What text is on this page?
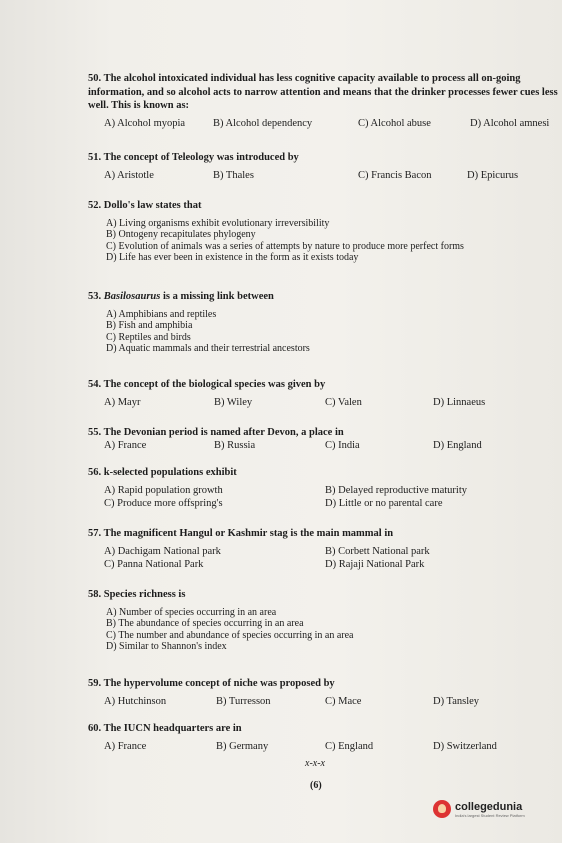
50. The alcohol intoxicated individual has less cognitive capacity available to process all on-going information, and so alcohol acts to narrow attention and means that the drinker processes fewer cues less well. This is known as:
A) Alcohol myopia	B) Alcohol dependency	C) Alcohol abuse	D) Alcohol amnesi
51. The concept of Teleology was introduced by
A) Aristotle	B) Thales	C) Francis Bacon	D) Epicurus
52. Dollo's law states that
A) Living organisms exhibit evolutionary irreversibility
B) Ontogeny recapitulates phylogeny
C) Evolution of animals was a series of attempts by nature to produce more perfect forms
D) Life has ever been in existence in the form as it exists today
53. Basilosaurus is a missing link between
A) Amphibians and reptiles
B) Fish and amphibia
C) Reptiles and birds
D) Aquatic mammals and their terrestrial ancestors
54. The concept of the biological species was given by
A) Mayr	B) Wiley	C) Valen	D) Linnaeus
55. The Devonian period is named after Devon, a place in
A) France	B) Russia	C) India	D) England
56. k-selected populations exhibit
A) Rapid population growth	B) Delayed reproductive maturity
C) Produce more offspring's	D) Little or no parental care
57. The magnificent Hangul or Kashmir stag is the main mammal in
A) Dachigam National park	B) Corbett National park
C) Panna National Park	D) Rajaji National Park
58. Species richness is
A) Number of species occurring in an area
B) The abundance of species occurring in an area
C) The number and abundance of species occurring in an area
D) Similar to Shannon's index
59. The hypervolume concept of niche was proposed by
A) Hutchinson	B) Turresson	C) Mace	D) Tansley
60. The IUCN headquarters are in
A) France	B) Germany	C) England	D) Switzerland
x-x-x
(6)
collegedunia
India's largest Student Review Platform
